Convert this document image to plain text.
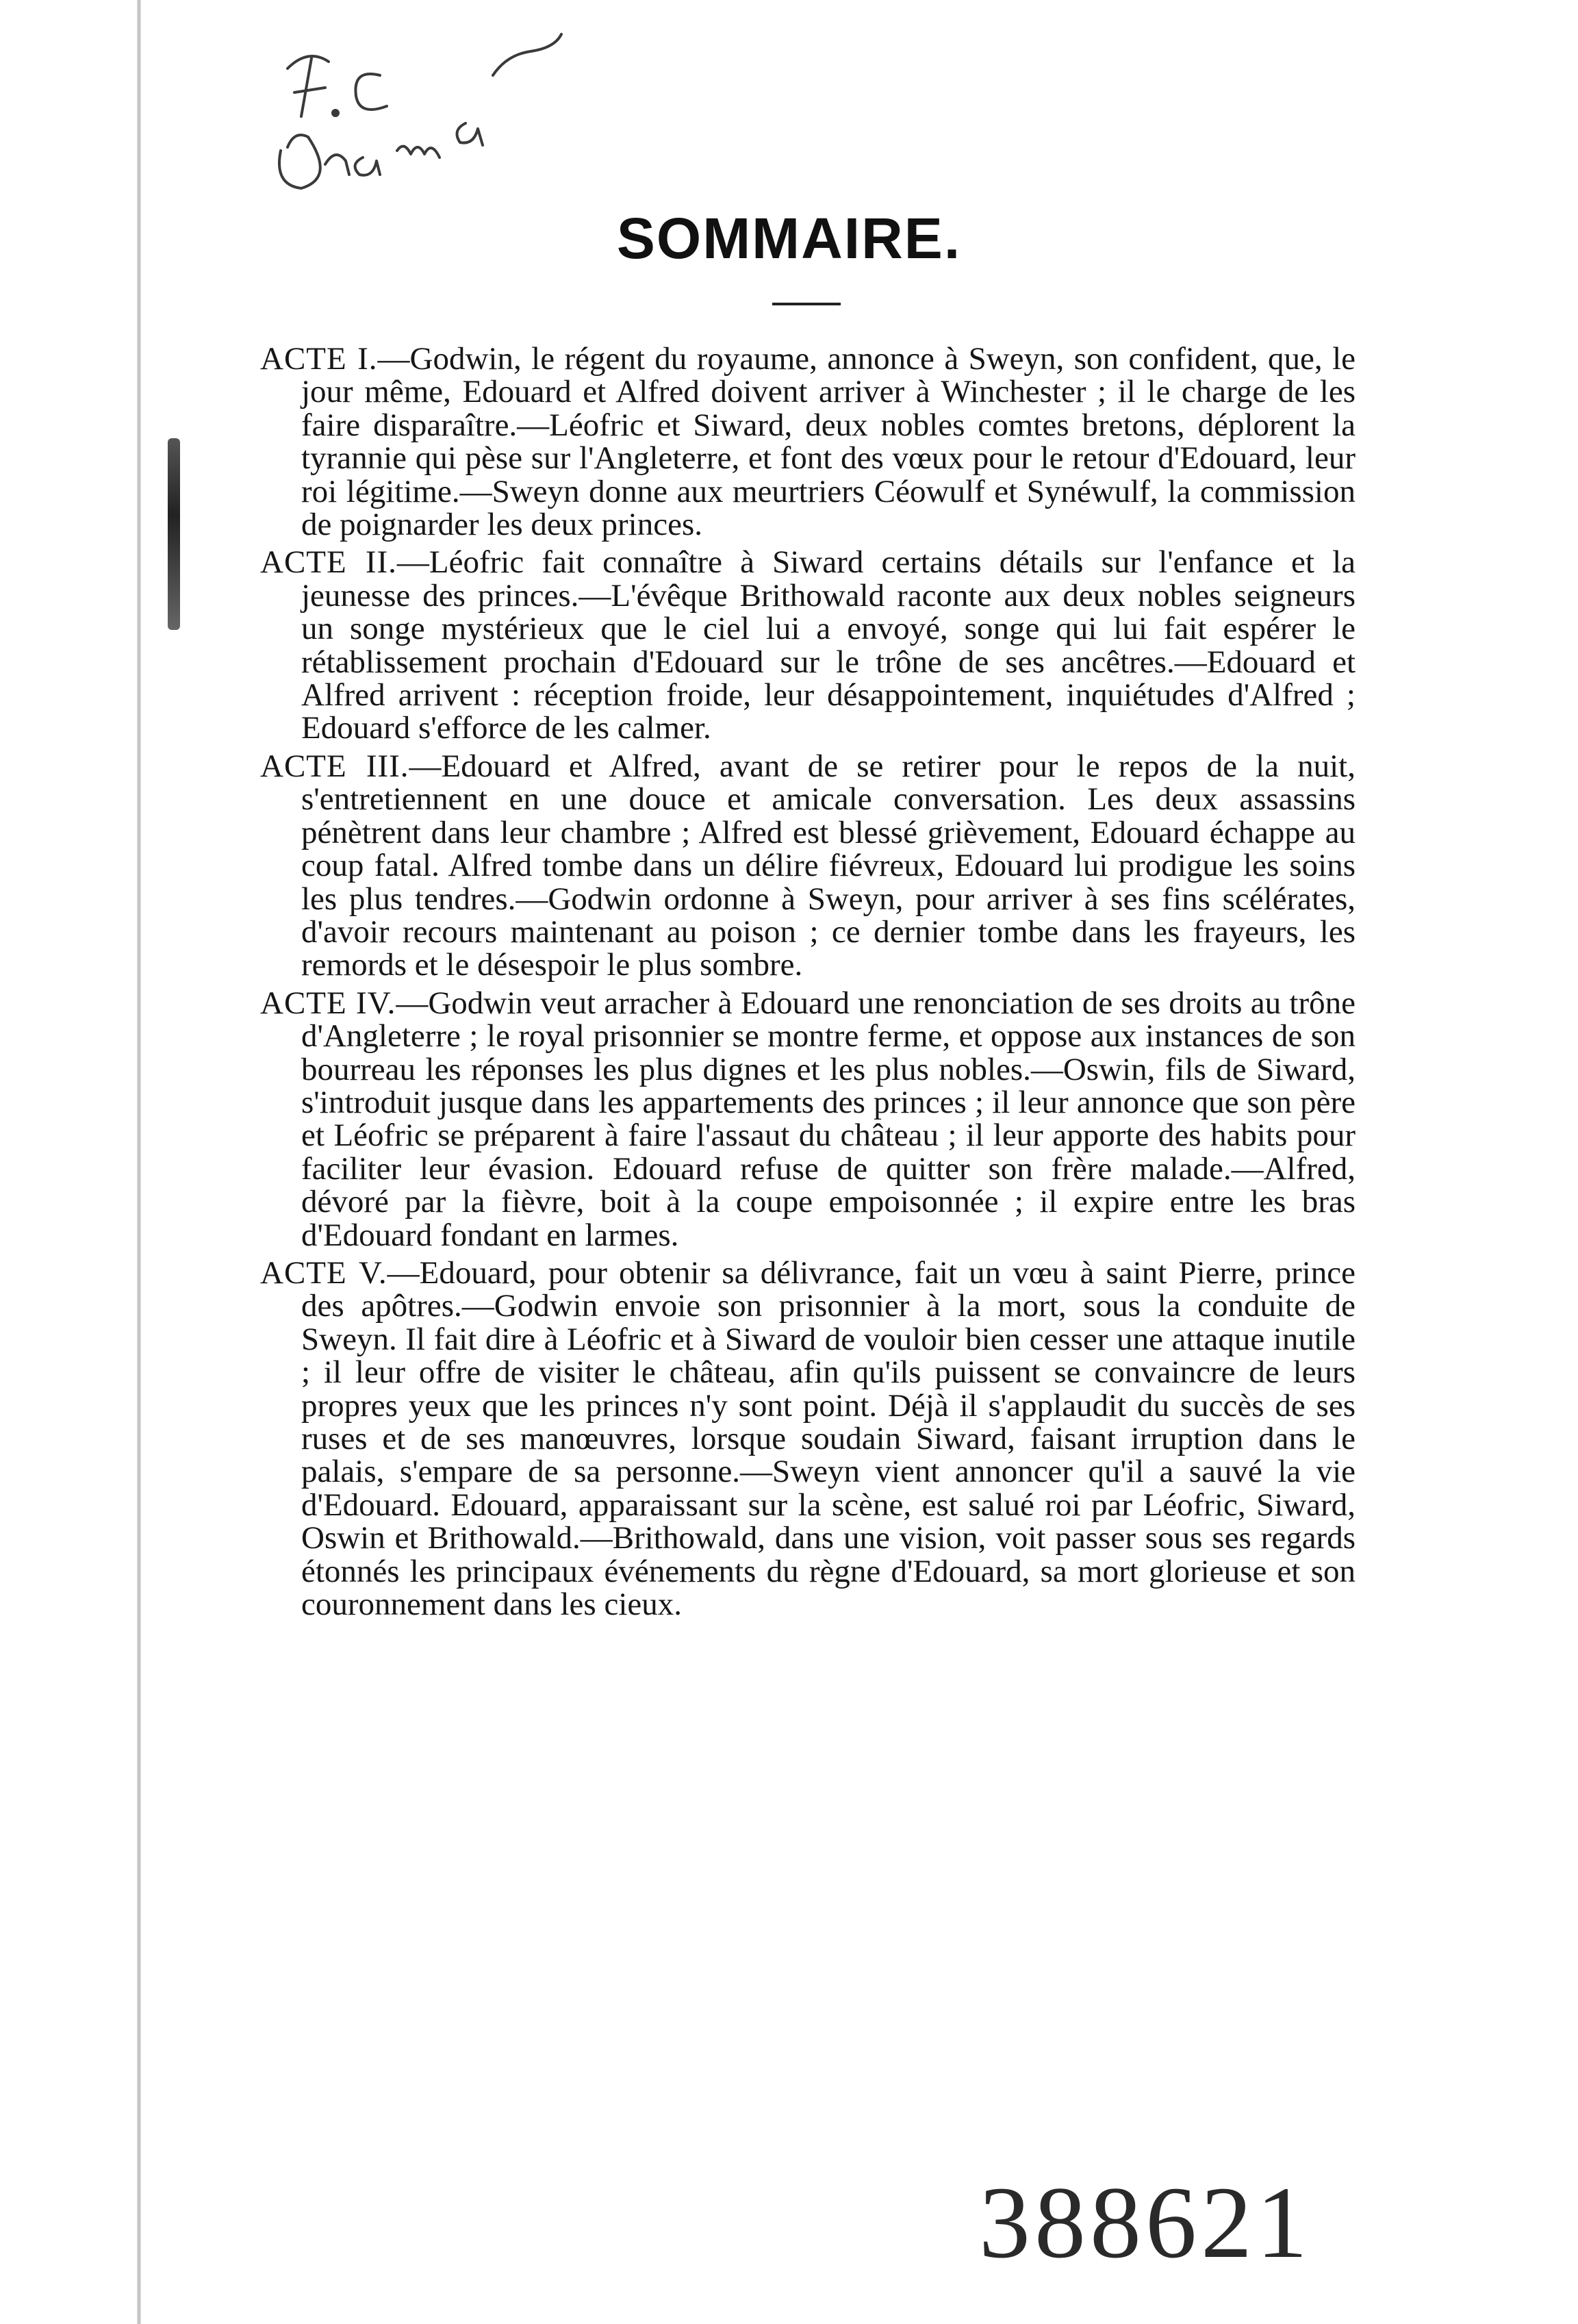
SOMMAIRE.

ACTE I.—Godwin, le régent du royaume, annonce à Sweyn, son confident, que, le jour même, Edouard et Alfred doivent arriver à Winchester ; il le charge de les faire disparaître.—Léofric et Siward, deux nobles comtes bretons, déplorent la tyrannie qui pèse sur l'Angleterre, et font des vœux pour le retour d'Edouard, leur roi légitime.—Sweyn donne aux meurtriers Céowulf et Synéwulf, la commission de poignarder les deux princes.

ACTE II.—Léofric fait connaître à Siward certains détails sur l'enfance et la jeunesse des princes.—L'évêque Brithowald raconte aux deux nobles seigneurs un songe mystérieux que le ciel lui a envoyé, songe qui lui fait espérer le rétablissement prochain d'Edouard sur le trône de ses ancêtres.—Edouard et Alfred arrivent : réception froide, leur désappointement, inquiétudes d'Alfred ; Edouard s'efforce de les calmer.

ACTE III.—Edouard et Alfred, avant de se retirer pour le repos de la nuit, s'entretiennent en une douce et amicale conversation. Les deux assassins pénètrent dans leur chambre ; Alfred est blessé grièvement, Edouard échappe au coup fatal. Alfred tombe dans un délire fiévreux, Edouard lui prodigue les soins les plus tendres.—Godwin ordonne à Sweyn, pour arriver à ses fins scélérates, d'avoir recours maintenant au poison ; ce dernier tombe dans les frayeurs, les remords et le désespoir le plus sombre.

ACTE IV.—Godwin veut arracher à Edouard une renonciation de ses droits au trône d'Angleterre ; le royal prisonnier se montre ferme, et oppose aux instances de son bourreau les réponses les plus dignes et les plus nobles.—Oswin, fils de Siward, s'introduit jusque dans les appartements des princes ; il leur annonce que son père et Léofric se préparent à faire l'assaut du château ; il leur apporte des habits pour faciliter leur évasion. Edouard refuse de quitter son frère malade.—Alfred, dévoré par la fièvre, boit à la coupe empoisonnée ; il expire entre les bras d'Edouard fondant en larmes.

ACTE V.—Edouard, pour obtenir sa délivrance, fait un vœu à saint Pierre, prince des apôtres.—Godwin envoie son prisonnier à la mort, sous la conduite de Sweyn. Il fait dire à Léofric et à Siward de vouloir bien cesser une attaque inutile ; il leur offre de visiter le château, afin qu'ils puissent se convaincre de leurs propres yeux que les princes n'y sont point. Déjà il s'applaudit du succès de ses ruses et de ses manœuvres, lorsque soudain Siward, faisant irruption dans le palais, s'empare de sa personne.—Sweyn vient annoncer qu'il a sauvé la vie d'Edouard. Edouard, apparaissant sur la scène, est salué roi par Léofric, Siward, Oswin et Brithowald.—Brithowald, dans une vision, voit passer sous ses regards étonnés les principaux événements du règne d'Edouard, sa mort glorieuse et son couronnement dans les cieux.

388621
